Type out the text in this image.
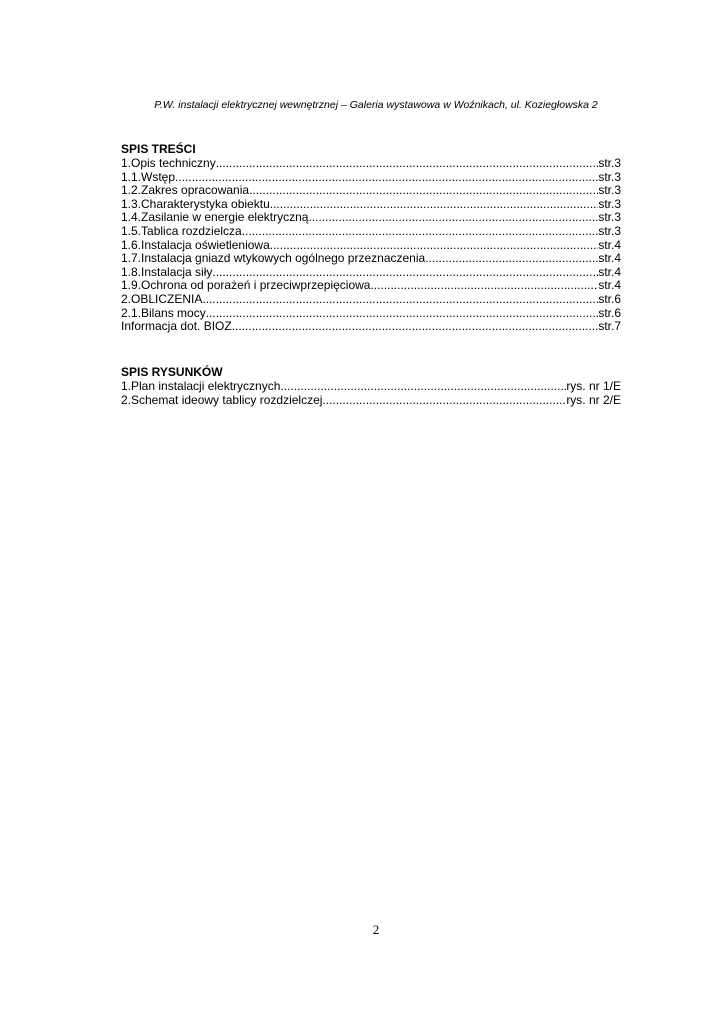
P.W. instalacji elektrycznej wewnętrznej – Galeria wystawowa w Woźnikach, ul. Koziegłowska 2
SPIS TREŚCI
1.Opis techniczny .....	str.3
1.1.Wstęp .....	str.3
1.2.Zakres opracowania .....	str.3
1.3.Charakterystyka obiektu .....	str.3
1.4.Zasilanie w energie elektryczną .....	str.3
1.5.Tablica rozdzielcza .....	str.3
1.6.Instalacja oświetleniowa .....	str.4
1.7.Instalacja gniazd wtykowych ogólnego przeznaczenia .....	str.4
1.8.Instalacja siły .....	str.4
1.9.Ochrona od porażeń i przeciwprzepięciowa .....	str.4
2.OBLICZENIA .....	str.6
2.1.Bilans mocy .....	str.6
Informacja dot. BIOZ .....	str.7
SPIS RYSUNKÓW
1.Plan instalacji elektrycznych .....	rys. nr 1/E
2.Schemat ideowy tablicy rozdzielczej .....	rys. nr 2/E
2
